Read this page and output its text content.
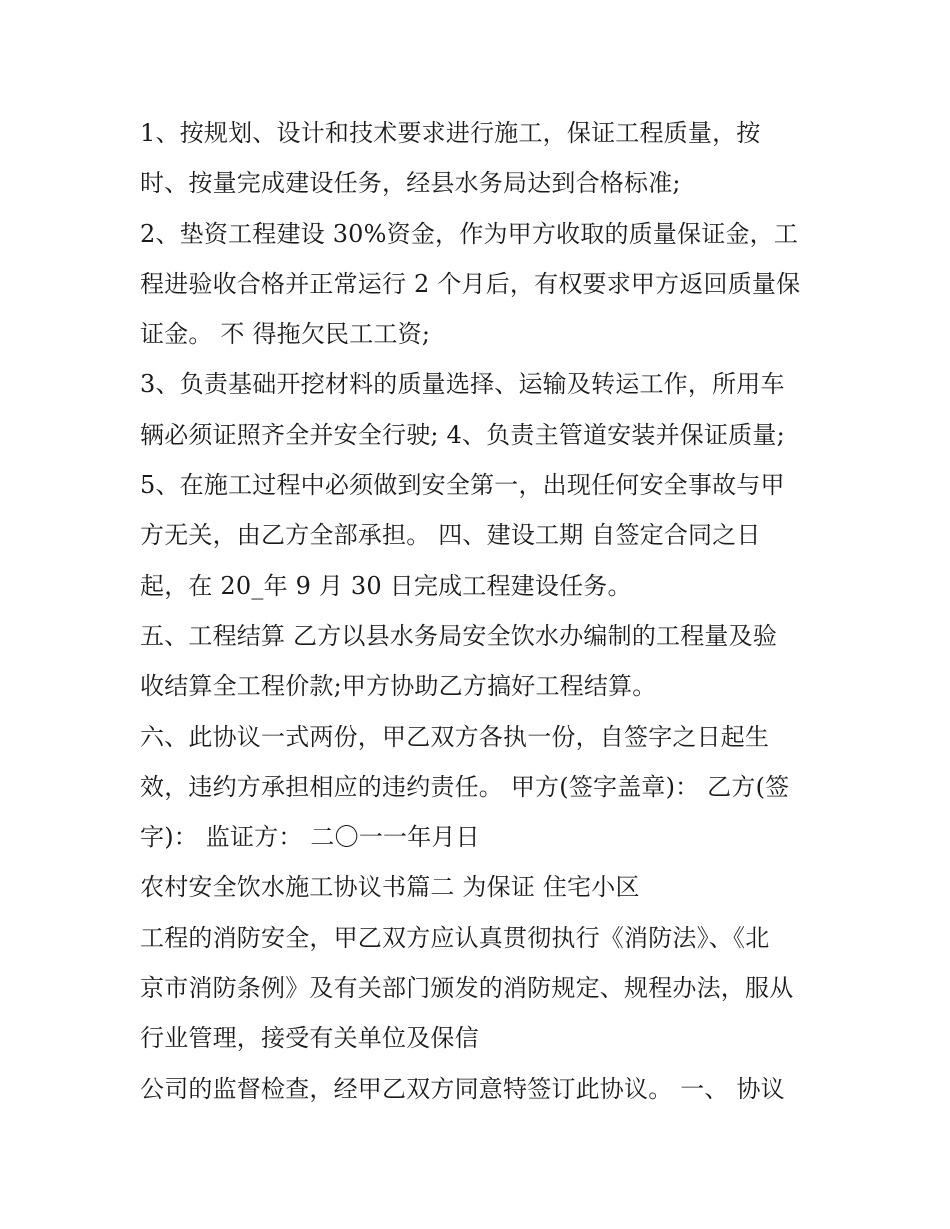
1、按规划、设计和技术要求进行施工，保证工程质量，按
时、按量完成建设任务，经县水务局达到合格标准;
2、垫资工程建设 30%资金，作为甲方收取的质量保证金，工
程进验收合格并正常运行 2 个月后，有权要求甲方返回质量保
证金。 不 得拖欠民工工资;
3、负责基础开挖材料的质量选择、运输及转运工作，所用车
辆必须证照齐全并安全行驶; 4、负责主管道安装并保证质量;
5、在施工过程中必须做到安全第一，出现任何安全事故与甲
方无关，由乙方全部承担。 四、建设工期 自签定合同之日
起，在 20_年 9 月 30 日完成工程建设任务。
五、工程结算 乙方以县水务局安全饮水办编制的工程量及验
收结算全工程价款;甲方协助乙方搞好工程结算。
六、此协议一式两份，甲乙双方各执一份，自签字之日起生
效，违约方承担相应的违约责任。 甲方(签字盖章)： 乙方(签
字)： 监证方： 二〇一一年月日
农村安全饮水施工协议书篇二 为保证 住宅小区
工程的消防安全，甲乙双方应认真贯彻执行《消防法》、《北
京市消防条例》及有关部门颁发的消防规定、规程办法，服从
行业管理，接受有关单位及保信
公司的监督检查，经甲乙双方同意特签订此协议。 一、 协议
